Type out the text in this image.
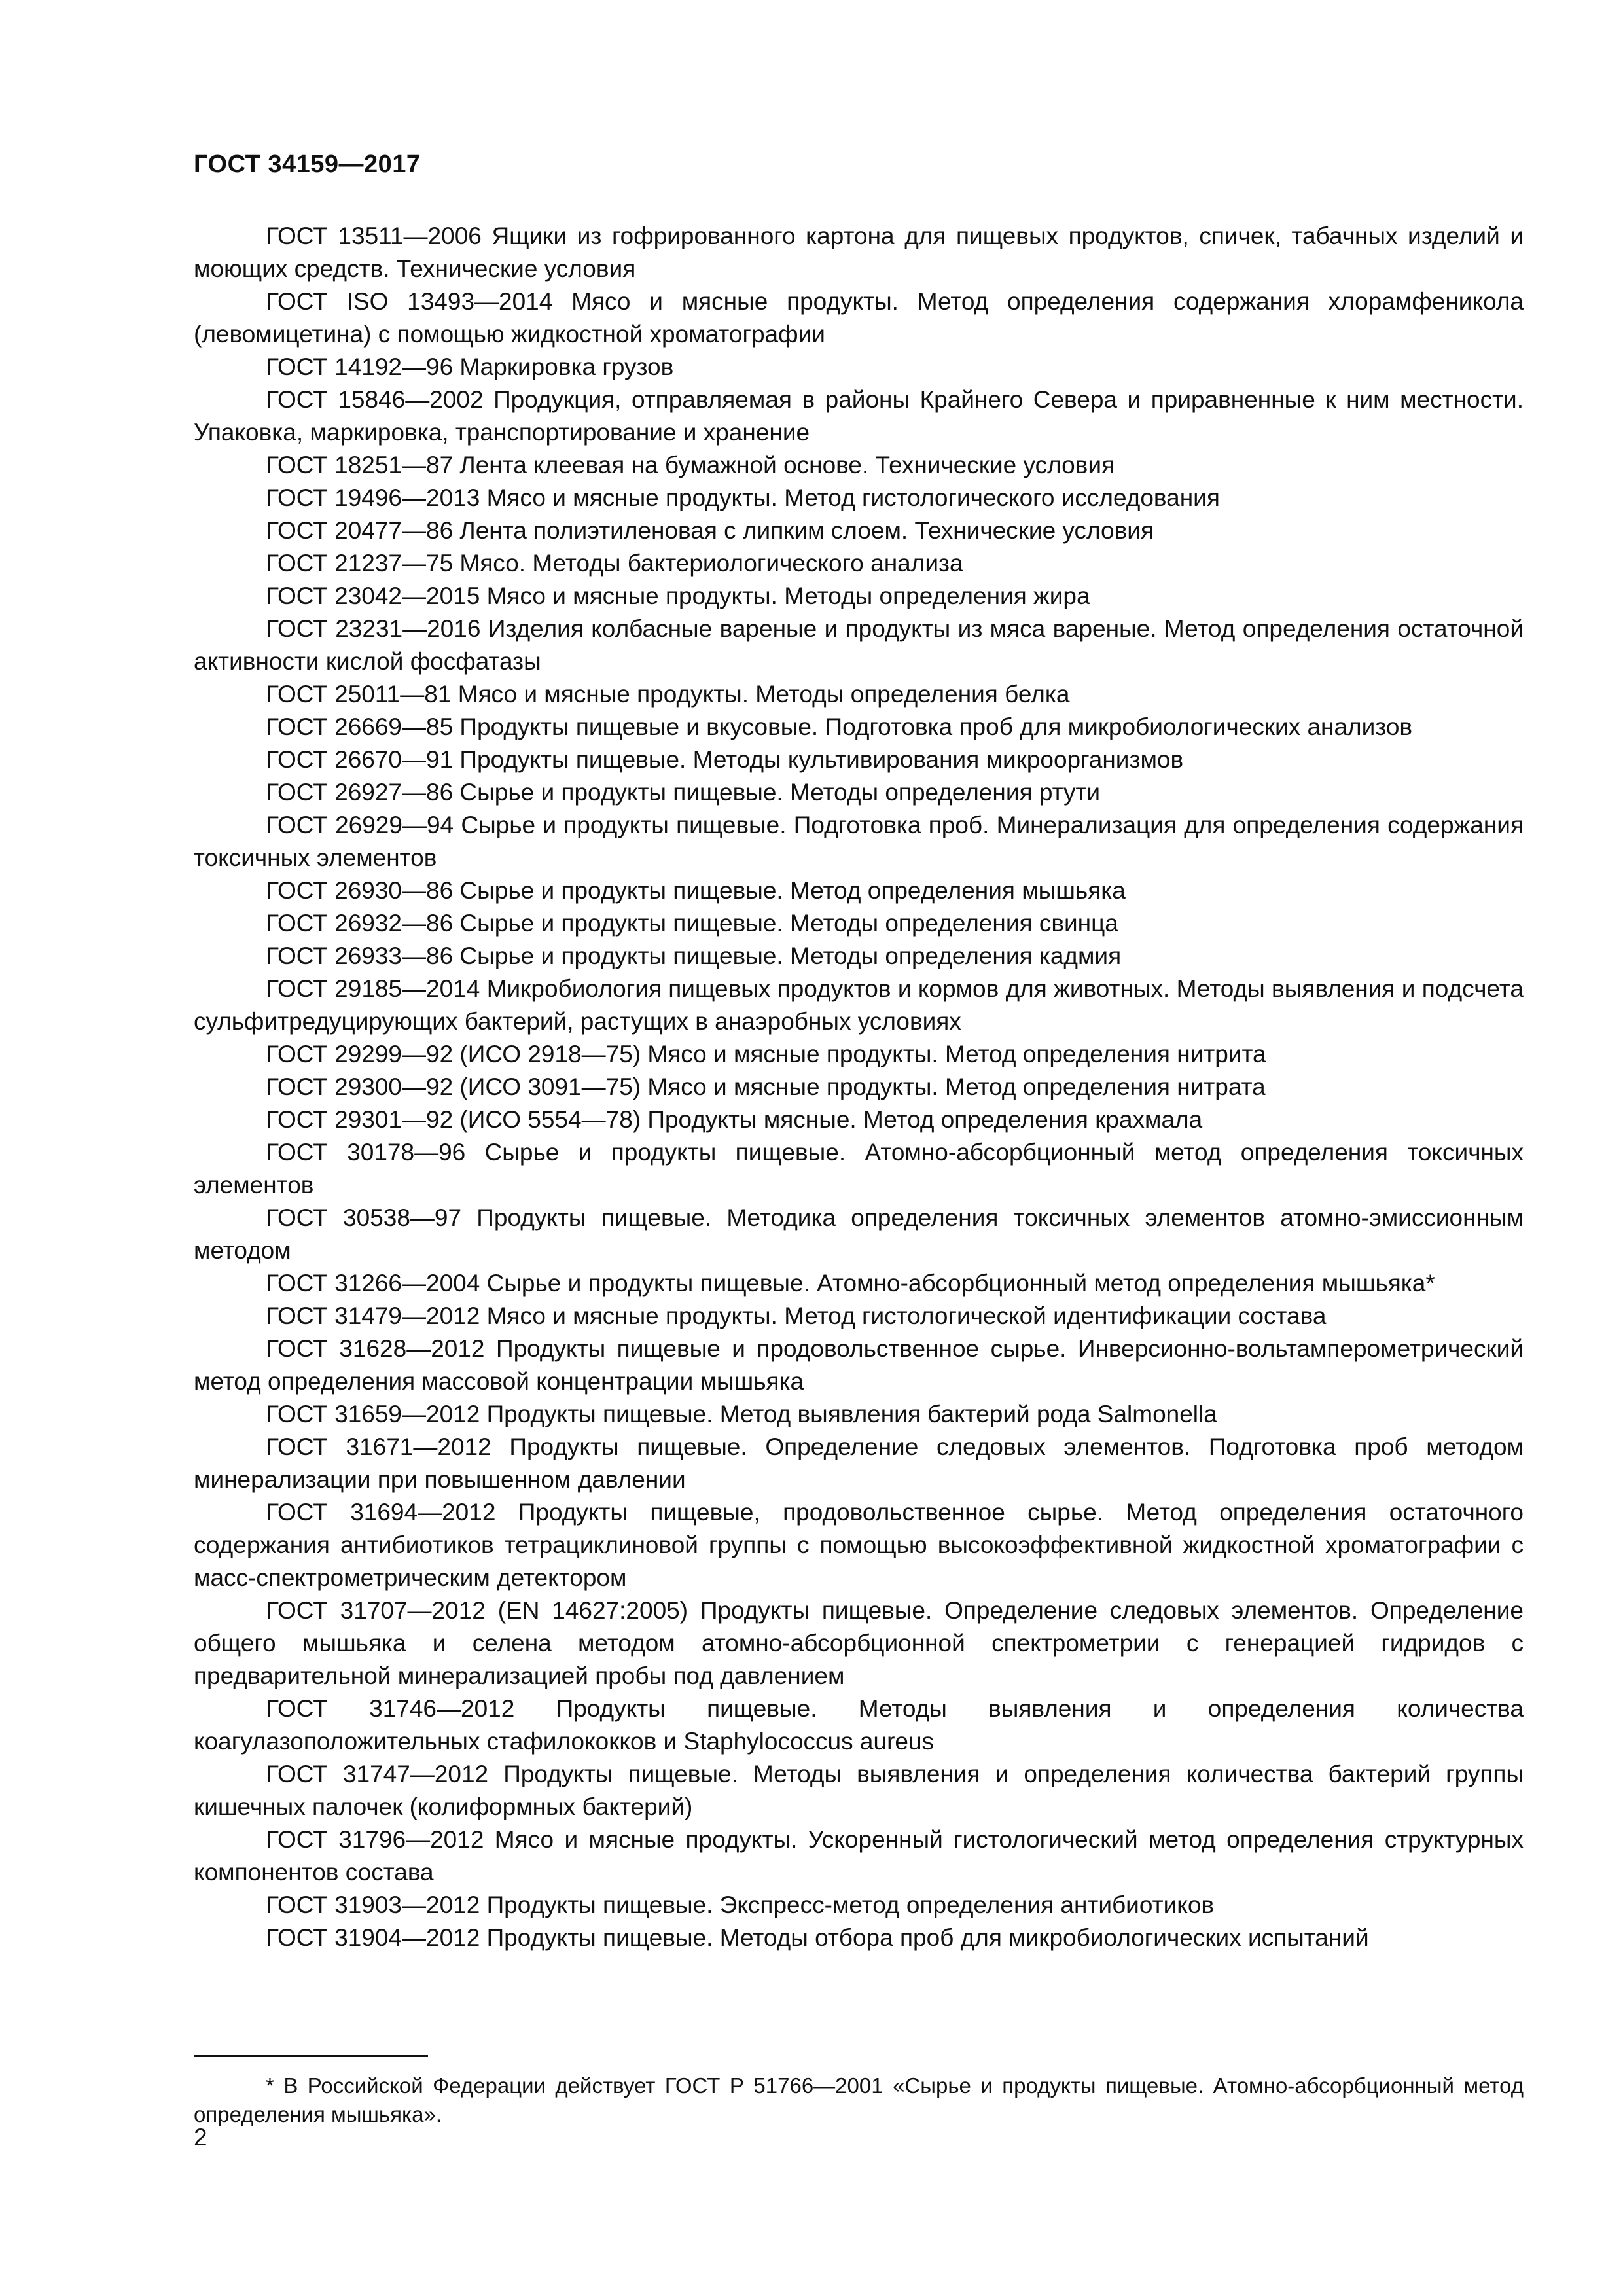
ГОСТ 34159—2017

ГОСТ 13511—2006 Ящики из гофрированного картона для пищевых продуктов, спичек, табачных изделий и моющих средств. Технические условия

ГОСТ ISO 13493—2014 Мясо и мясные продукты. Метод определения содержания хлорамфеникола (левомицетина) с помощью жидкостной хроматографии

ГОСТ 14192—96 Маркировка грузов

ГОСТ 15846—2002 Продукция, отправляемая в районы Крайнего Севера и приравненные к ним местности. Упаковка, маркировка, транспортирование и хранение

ГОСТ 18251—87 Лента клеевая на бумажной основе. Технические условия

ГОСТ 19496—2013 Мясо и мясные продукты. Метод гистологического исследования

ГОСТ 20477—86 Лента полиэтиленовая с липким слоем. Технические условия

ГОСТ 21237—75 Мясо. Методы бактериологического анализа

ГОСТ 23042—2015 Мясо и мясные продукты. Методы определения жира

ГОСТ 23231—2016 Изделия колбасные вареные и продукты из мяса вареные. Метод определения остаточной активности кислой фосфатазы

ГОСТ 25011—81 Мясо и мясные продукты. Методы определения белка

ГОСТ 26669—85 Продукты пищевые и вкусовые. Подготовка проб для микробиологических анализов

ГОСТ 26670—91 Продукты пищевые. Методы культивирования микроорганизмов

ГОСТ 26927—86 Сырье и продукты пищевые. Методы определения ртути

ГОСТ 26929—94 Сырье и продукты пищевые. Подготовка проб. Минерализация для определения содержания токсичных элементов

ГОСТ 26930—86 Сырье и продукты пищевые. Метод определения мышьяка

ГОСТ 26932—86 Сырье и продукты пищевые. Методы определения свинца

ГОСТ 26933—86 Сырье и продукты пищевые. Методы определения кадмия

ГОСТ 29185—2014 Микробиология пищевых продуктов и кормов для животных. Методы выявления и подсчета сульфитредуцирующих бактерий, растущих в анаэробных условиях

ГОСТ 29299—92 (ИСО 2918—75) Мясо и мясные продукты. Метод определения нитрита

ГОСТ 29300—92 (ИСО 3091—75) Мясо и мясные продукты. Метод определения нитрата

ГОСТ 29301—92 (ИСО 5554—78) Продукты мясные. Метод определения крахмала

ГОСТ 30178—96 Сырье и продукты пищевые. Атомно-абсорбционный метод определения токсичных элементов

ГОСТ 30538—97 Продукты пищевые. Методика определения токсичных элементов атомно-эмиссионным методом

ГОСТ 31266—2004 Сырье и продукты пищевые. Атомно-абсорбционный метод определения мышьяка*

ГОСТ 31479—2012 Мясо и мясные продукты. Метод гистологической идентификации состава

ГОСТ 31628—2012 Продукты пищевые и продовольственное сырье. Инверсионно-вольтамперометрический метод определения массовой концентрации мышьяка

ГОСТ 31659—2012 Продукты пищевые. Метод выявления бактерий рода Salmonella

ГОСТ 31671—2012 Продукты пищевые. Определение следовых элементов. Подготовка проб методом минерализации при повышенном давлении

ГОСТ 31694—2012 Продукты пищевые, продовольственное сырье. Метод определения остаточного содержания антибиотиков тетрациклиновой группы с помощью высокоэффективной жидкостной хроматографии с масс-спектрометрическим детектором

ГОСТ 31707—2012 (EN 14627:2005) Продукты пищевые. Определение следовых элементов. Определение общего мышьяка и селена методом атомно-абсорбционной спектрометрии с генерацией гидридов с предварительной минерализацией пробы под давлением

ГОСТ 31746—2012 Продукты пищевые. Методы выявления и определения количества коагулазоположительных стафилококков и Staphylococcus aureus

ГОСТ 31747—2012 Продукты пищевые. Методы выявления и определения количества бактерий группы кишечных палочек (колиформных бактерий)

ГОСТ 31796—2012 Мясо и мясные продукты. Ускоренный гистологический метод определения структурных компонентов состава

ГОСТ 31903—2012 Продукты пищевые. Экспресс-метод определения антибиотиков

ГОСТ 31904—2012 Продукты пищевые. Методы отбора проб для микробиологических испытаний

* В Российской Федерации действует ГОСТ Р 51766—2001 «Сырье и продукты пищевые. Атомно-абсорбционный метод определения мышьяка».

2
